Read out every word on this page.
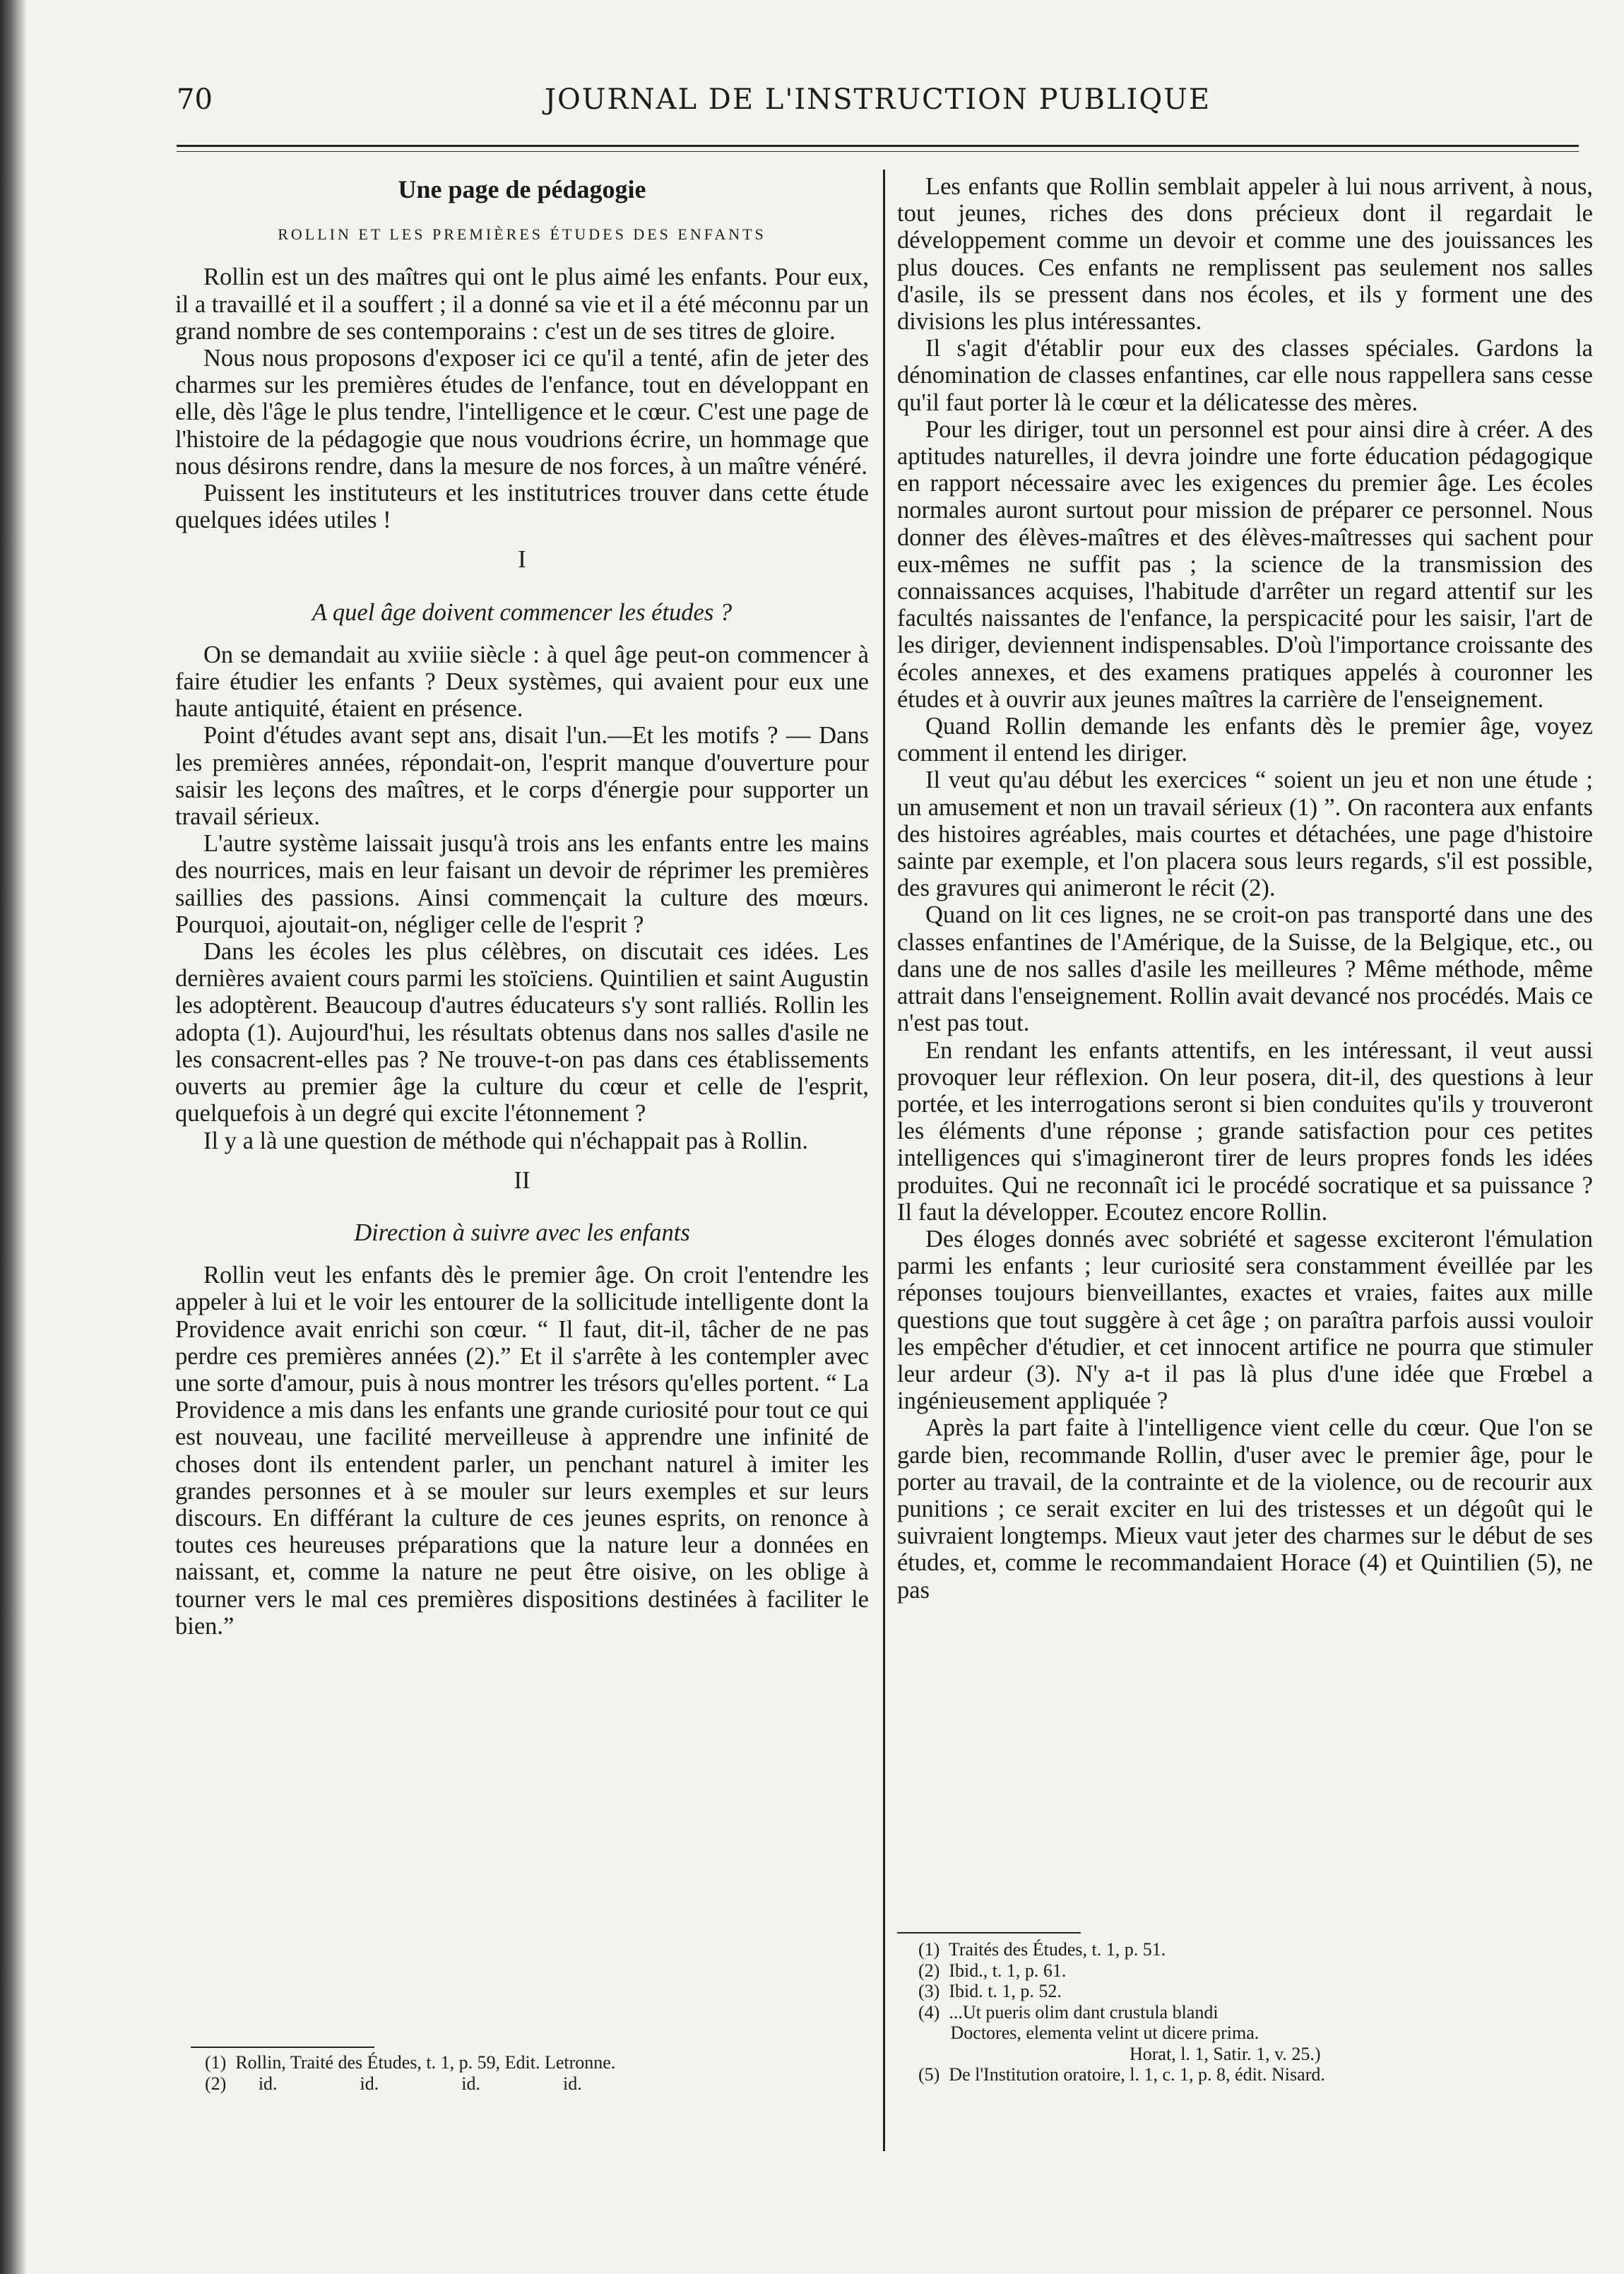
70	JOURNAL DE L'INSTRUCTION PUBLIQUE
Une page de pédagogie
ROLLIN ET LES PREMIÈRES ÉTUDES DES ENFANTS

Rollin est un des maîtres qui ont le plus aimé les enfants. Pour eux, il a travaillé et il a souffert ; il a donné sa vie et il a été méconnu par un grand nombre de ses contemporains : c'est un de ses titres de gloire.

Nous nous proposons d'exposer ici ce qu'il a tenté, afin de jeter des charmes sur les premières études de l'enfance, tout en développant en elle, dès l'âge le plus tendre, l'intelligence et le cœur. C'est une page de l'histoire de la pédagogie que nous voudrions écrire, un hommage que nous désirons rendre, dans la mesure de nos forces, à un maître vénéré.

Puissent les instituteurs et les institutrices trouver dans cette étude quelques idées utiles !

I
A quel âge doivent commencer les études ?

On se demandait au xviiie siècle : à quel âge peut-on commencer à faire étudier les enfants ? Deux systèmes, qui avaient pour eux une haute antiquité, étaient en présence.

Point d'études avant sept ans, disait l'un.—Et les motifs ? — Dans les premières années, répondait-on, l'esprit manque d'ouverture pour saisir les leçons des maîtres, et le corps d'énergie pour supporter un travail sérieux.

L'autre système laissait jusqu'à trois ans les enfants entre les mains des nourrices, mais en leur faisant un devoir de réprimer les premières saillies des passions. Ainsi commençait la culture des mœurs. Pourquoi, ajoutait-on, négliger celle de l'esprit ?

Dans les écoles les plus célèbres, on discutait ces idées. Les dernières avaient cours parmi les stoïciens. Quintilien et saint Augustin les adoptèrent. Beaucoup d'autres éducateurs s'y sont ralliés. Rollin les adopta (1). Aujourd'hui, les résultats obtenus dans nos salles d'asile ne les consacrent-elles pas ? Ne trouve-t-on pas dans ces établissements ouverts au premier âge la culture du cœur et celle de l'esprit, quelquefois à un degré qui excite l'étonnement ?

Il y a là une question de méthode qui n'échappait pas à Rollin.

II
Direction à suivre avec les enfants

Rollin veut les enfants dès le premier âge. On croit l'entendre les appeler à lui et le voir les entourer de la sollicitude intelligente dont la Providence avait enrichi son cœur. “ Il faut, dit-il, tâcher de ne pas perdre ces premières années (2).” Et il s'arrête à les contempler avec une sorte d'amour, puis à nous montrer les trésors qu'elles portent. “ La Providence a mis dans les enfants une grande curiosité pour tout ce qui est nouveau, une facilité merveilleuse à apprendre une infinité de choses dont ils entendent parler, un penchant naturel à imiter les grandes personnes et à se mouler sur leurs exemples et sur leurs discours. En différant la culture de ces jeunes esprits, on renonce à toutes ces heureuses préparations que la nature leur a données en naissant, et, comme la nature ne peut être oisive, on les oblige à tourner vers le mal ces premières dispositions destinées à faciliter le bien.”

(1)  Rollin, Traité des Études, t. 1, p. 59, Edit. Letronne.
(2)       id.                  id.                  id.                  id.

Les enfants que Rollin semblait appeler à lui nous arrivent, à nous, tout jeunes, riches des dons précieux dont il regardait le développement comme un devoir et comme une des jouissances les plus douces. Ces enfants ne remplissent pas seulement nos salles d'asile, ils se pressent dans nos écoles, et ils y forment une des divisions les plus intéressantes.

Il s'agit d'établir pour eux des classes spéciales. Gardons la dénomination de classes enfantines, car elle nous rappellera sans cesse qu'il faut porter là le cœur et la délicatesse des mères.

Pour les diriger, tout un personnel est pour ainsi dire à créer. A des aptitudes naturelles, il devra joindre une forte éducation pédagogique en rapport nécessaire avec les exigences du premier âge. Les écoles normales auront surtout pour mission de préparer ce personnel. Nous donner des élèves-maîtres et des élèves-maîtresses qui sachent pour eux-mêmes ne suffit pas ; la science de la transmission des connaissances acquises, l'habitude d'arrêter un regard attentif sur les facultés naissantes de l'enfance, la perspicacité pour les saisir, l'art de les diriger, deviennent indispensables. D'où l'importance croissante des écoles annexes, et des examens pratiques appelés à couronner les études et à ouvrir aux jeunes maîtres la carrière de l'enseignement.

Quand Rollin demande les enfants dès le premier âge, voyez comment il entend les diriger.

Il veut qu'au début les exercices “ soient un jeu et non une étude ; un amusement et non un travail sérieux (1) ”. On racontera aux enfants des histoires agréables, mais courtes et détachées, une page d'histoire sainte par exemple, et l'on placera sous leurs regards, s'il est possible, des gravures qui animeront le récit (2).

Quand on lit ces lignes, ne se croit-on pas transporté dans une des classes enfantines de l'Amérique, de la Suisse, de la Belgique, etc., ou dans une de nos salles d'asile les meilleures ? Même méthode, même attrait dans l'enseignement. Rollin avait devancé nos procédés. Mais ce n'est pas tout.

En rendant les enfants attentifs, en les intéressant, il veut aussi provoquer leur réflexion. On leur posera, dit-il, des questions à leur portée, et les interrogations seront si bien conduites qu'ils y trouveront les éléments d'une réponse ; grande satisfaction pour ces petites intelligences qui s'imagineront tirer de leurs propres fonds les idées produites. Qui ne reconnaît ici le procédé socratique et sa puissance ? Il faut la développer. Ecoutez encore Rollin.

Des éloges donnés avec sobriété et sagesse exciteront l'émulation parmi les enfants ; leur curiosité sera constamment éveillée par les réponses toujours bienveillantes, exactes et vraies, faites aux mille questions que tout suggère à cet âge ; on paraîtra parfois aussi vouloir les empêcher d'étudier, et cet innocent artifice ne pourra que stimuler leur ardeur (3). N'y a-t il pas là plus d'une idée que Frœbel a ingénieusement appliquée ?

Après la part faite à l'intelligence vient celle du cœur. Que l'on se garde bien, recommande Rollin, d'user avec le premier âge, pour le porter au travail, de la contrainte et de la violence, ou de recourir aux punitions ; ce serait exciter en lui des tristesses et un dégoût qui le suivraient longtemps. Mieux vaut jeter des charmes sur le début de ses études, et, comme le recommandaient Horace (4) et Quintilien (5), ne pas

(1)  Traités des Études, t. 1, p. 51.
(2)  Ibid., t. 1, p. 61.
(3)  Ibid. t. 1, p. 52.
(4)  ...Ut pueris olim dant crustula blandi
Doctores, elementa velint ut dicere prima.
Horat, l. 1, Satir. 1, v. 25.)
(5)  De l'Institution oratoire, l. 1, c. 1, p. 8, édit. Nisard.
